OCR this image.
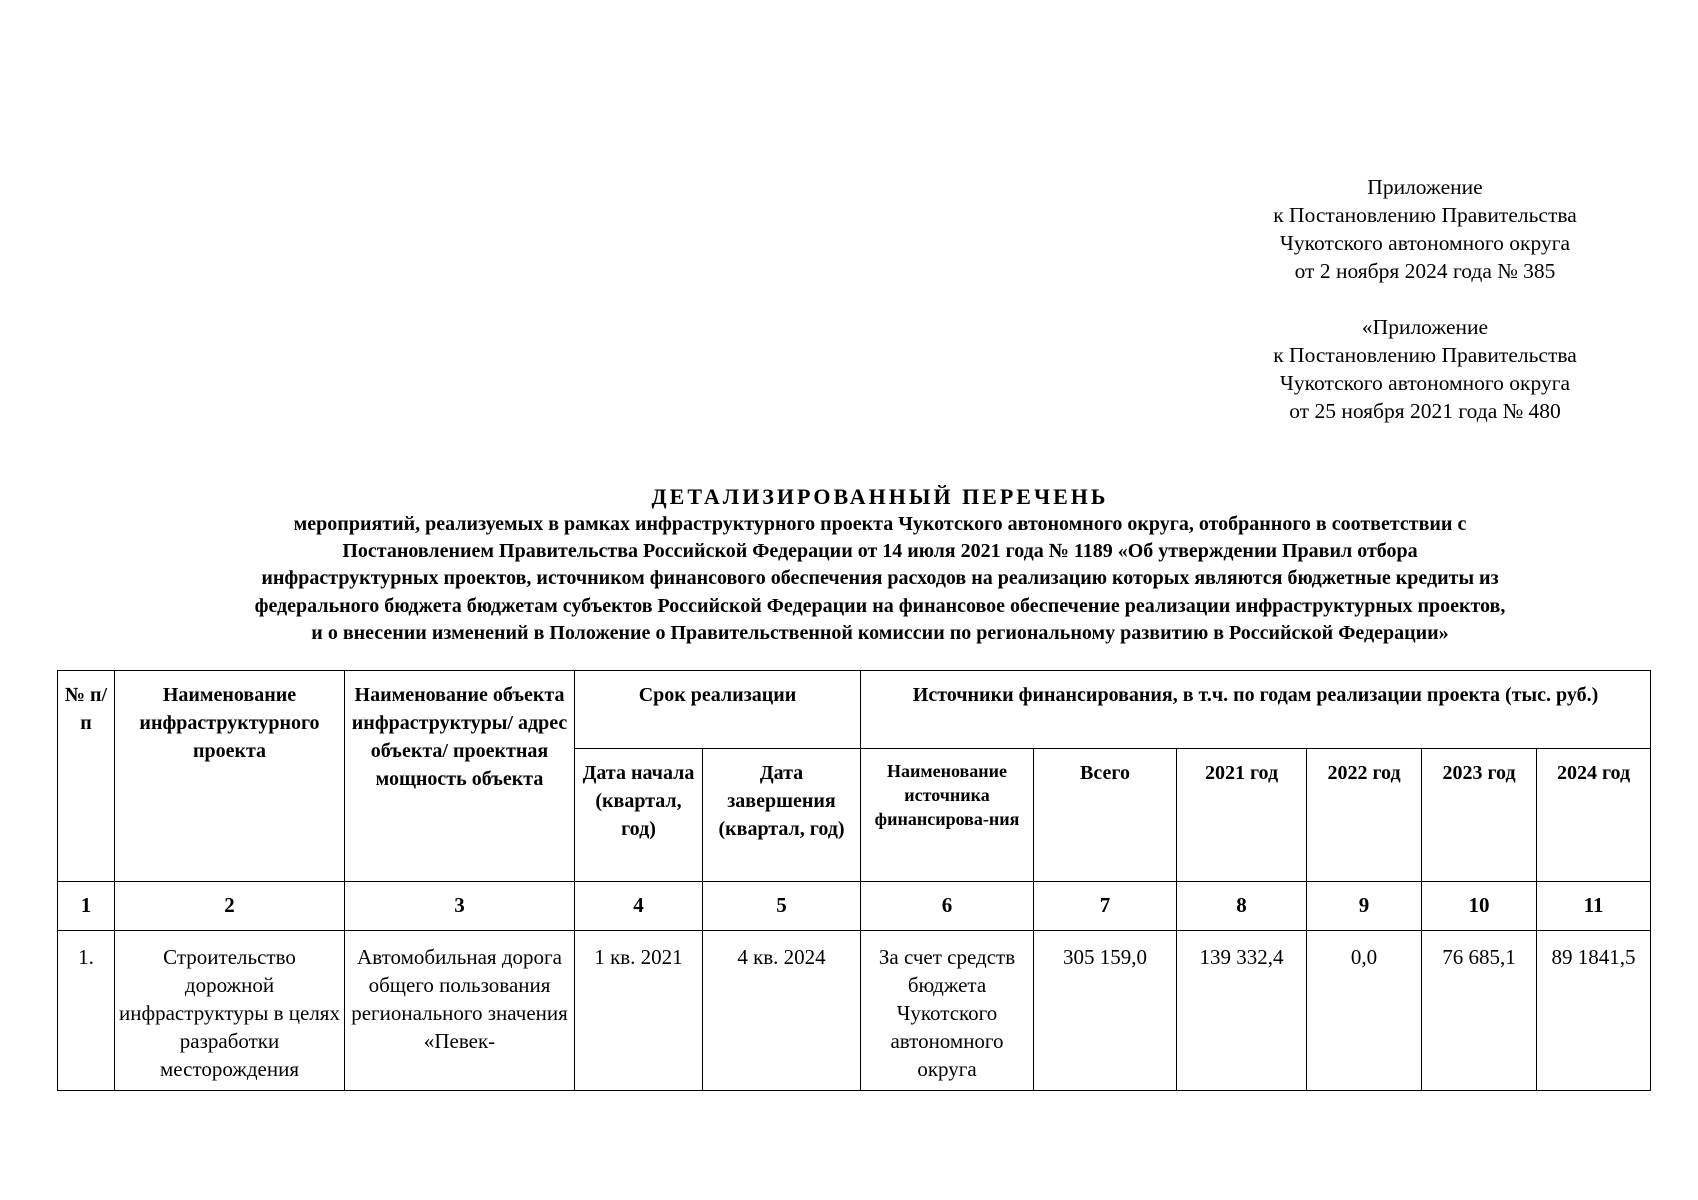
Приложение
к Постановлению Правительства
Чукотского автономного округа
от 2 ноября 2024 года № 385
«Приложение
к Постановлению Правительства
Чукотского автономного округа
от 25 ноября 2021 года № 480
ДЕТАЛИЗИРОВАННЫЙ ПЕРЕЧЕНЬ
мероприятий, реализуемых в рамках инфраструктурного проекта Чукотского автономного округа, отобранного в соответствии с
Постановлением Правительства Российской Федерации от 14 июля 2021 года № 1189 «Об утверждении Правил отбора
инфраструктурных проектов, источником финансового обеспечения расходов на реализацию которых являются бюджетные кредиты из
федерального бюджета бюджетам субъектов Российской Федерации на финансовое обеспечение реализации инфраструктурных проектов,
и о внесении изменений в Положение о Правительственной комиссии по региональному развитию в Российской Федерации»
№ п/п	Наименование инфраструктурного проекта	Наименование объекта инфраструктуры/ адрес объекта/ проектная мощность объекта	Срок реализации		Источники финансирования, в т.ч. по годам реализации проекта (тыс. руб.)					
			Дата начала (квартал, год)	Дата завершения (квартал, год)	Наименование источника финансирова-ния	Всего	2021 год	2022 год	2023 год	2024 год
1	2	3	4	5	6	7	8	9	10	11
1.	Строительство дорожной инфраструктуры в целях разработки месторождения	Автомобильная дорога общего пользования регионального значения «Певек-	1 кв. 2021	4 кв. 2024	За счет средств бюджета Чукотского автономного округа	305 159,0	139 332,4	0,0	76 685,1	89 1841,5
